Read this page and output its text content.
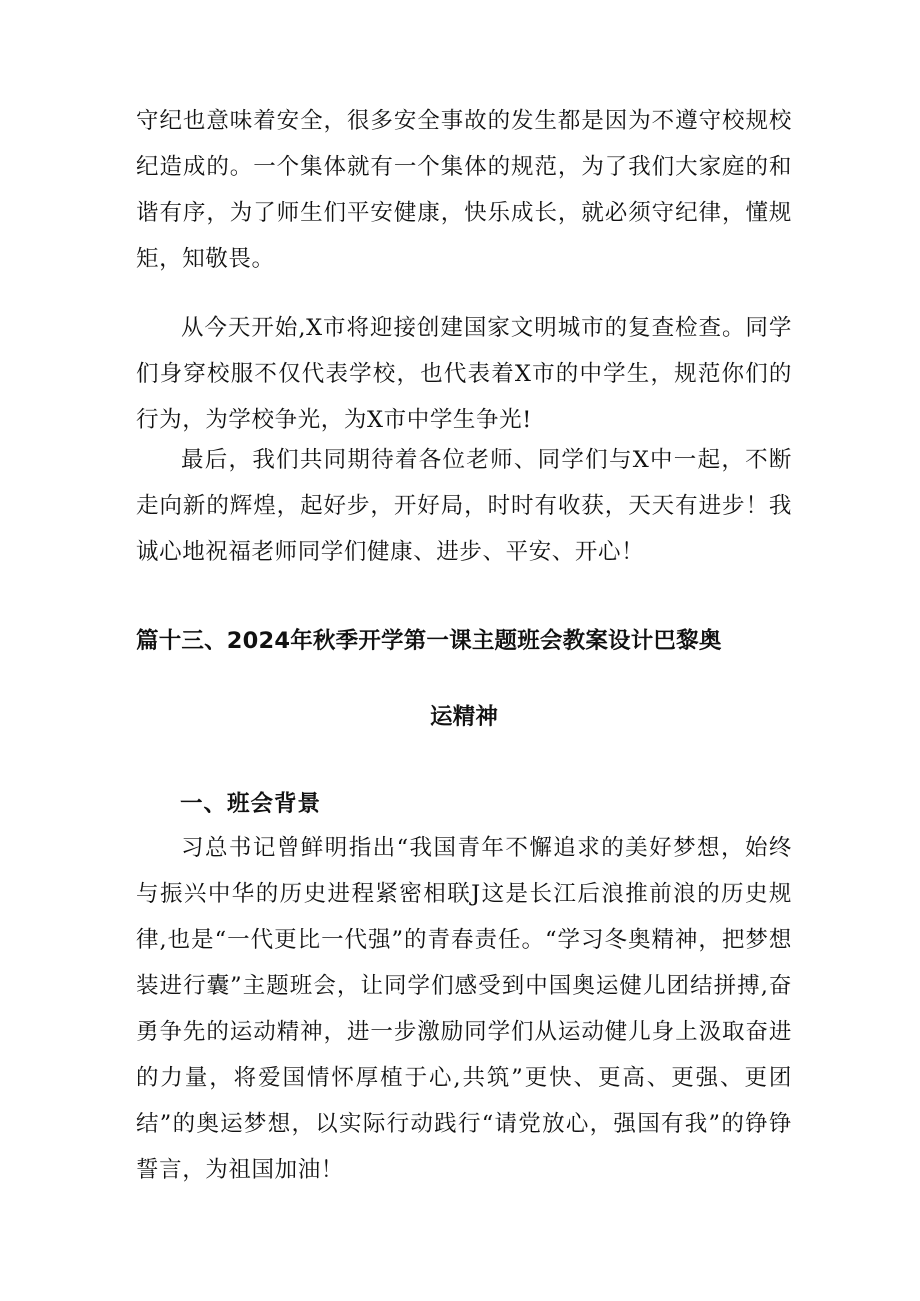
守纪也意味着安全，很多安全事故的发生都是因为不遵守校规校纪造成的。一个集体就有一个集体的规范，为了我们大家庭的和谐有序，为了师生们平安健康，快乐成长，就必须守纪律，懂规矩，知敬畏。

从今天开始,X市将迎接创建国家文明城市的复查检查。同学们身穿校服不仅代表学校，也代表着X市的中学生，规范你们的行为，为学校争光，为X市中学生争光!

最后，我们共同期待着各位老师、同学们与X中一起，不断走向新的辉煌，起好步，开好局，时时有收获，天天有进步！我诚心地祝福老师同学们健康、进步、平安、开心！

篇十三、2024年秋季开学第一课主题班会教案设计巴黎奥
运精神
一、班会背景

习总书记曾鲜明指出“我国青年不懈追求的美好梦想，始终与振兴中华的历史进程紧密相联J这是长江后浪推前浪的历史规律,也是“一代更比一代强”的青春责任。“学习冬奥精神，把梦想装进行囊”主题班会，让同学们感受到中国奥运健儿团结拼搏,奋勇争先的运动精神，进一步激励同学们从运动健儿身上汲取奋进的力量，将爱国情怀厚植于心,共筑”更快、更高、更强、更团结”的奥运梦想，以实际行动践行“请党放心，强国有我”的铮铮誓言，为祖国加油！
